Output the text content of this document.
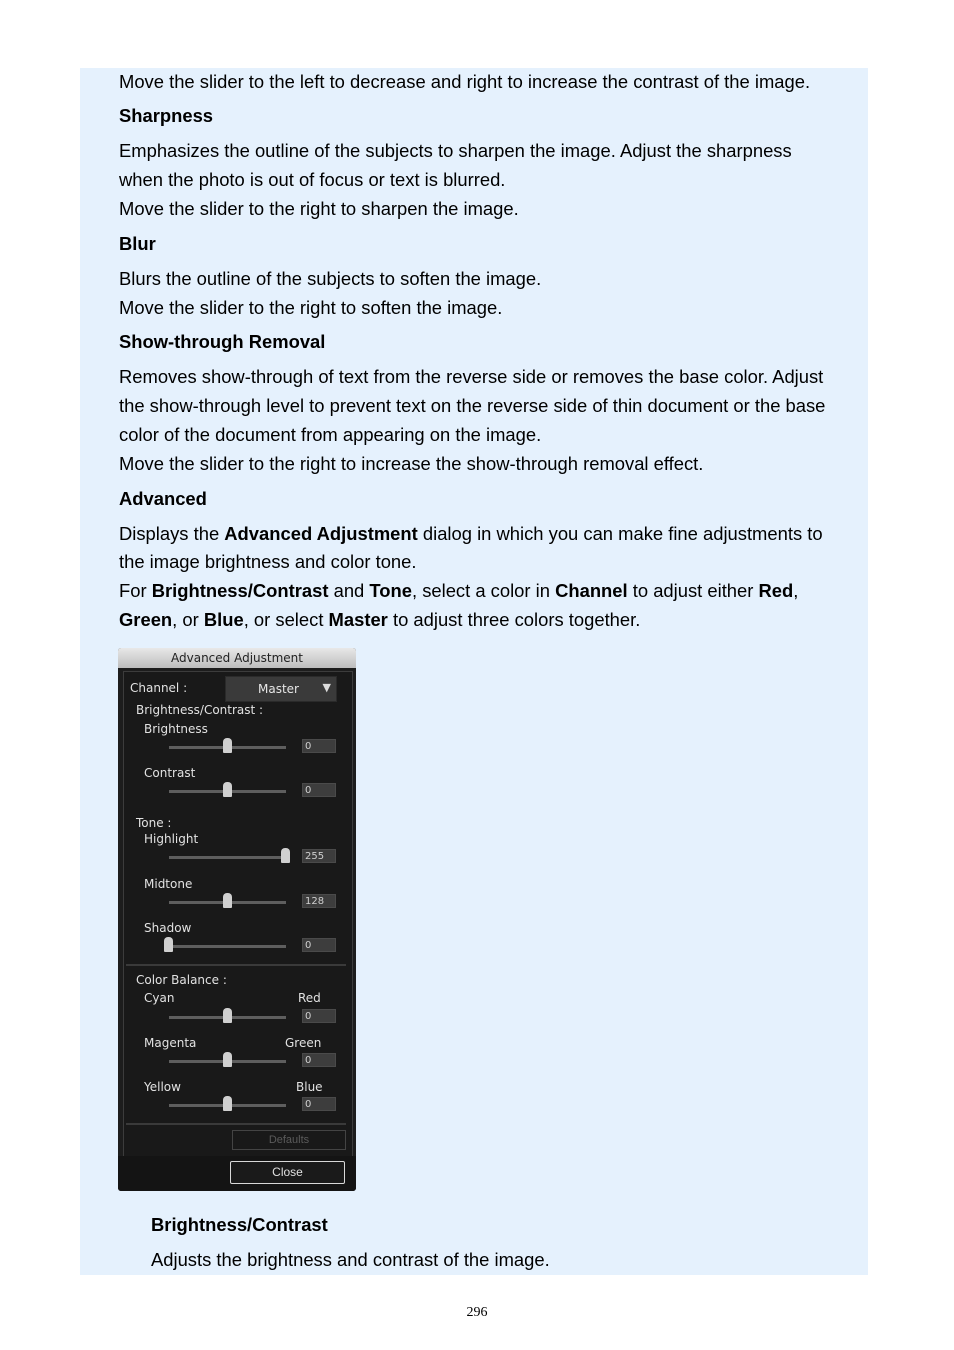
Move the slider to the left to decrease and right to increase the contrast of the image.

Sharpness

Emphasizes the outline of the subjects to sharpen the image. Adjust the sharpness

when the photo is out of focus or text is blurred.

Move the slider to the right to sharpen the image.

Blur

Blurs the outline of the subjects to soften the image.

Move the slider to the right to soften the image.

Show-through Removal

Removes show-through of text from the reverse side or removes the base color. Adjust

the show-through level to prevent text on the reverse side of thin document or the base

color of the document from appearing on the image.

Move the slider to the right to increase the show-through removal effect.

Advanced

Displays the Advanced Adjustment dialog in which you can make fine adjustments to

the image brightness and color tone.

For Brightness/Contrast and Tone, select a color in Channel to adjust either Red,

Green, or Blue, or select Master to adjust three colors together.

Advanced Adjustment
Channel :	Master ▼
Brightness/Contrast :
Brightness
0
Contrast
0
Tone :
Highlight
255
Midtone
128
Shadow
0
Color Balance :
Cyan	Red
0
Magenta	Green
0
Yellow	Blue
0
Defaults
Close

Brightness/Contrast

Adjusts the brightness and contrast of the image.

296
